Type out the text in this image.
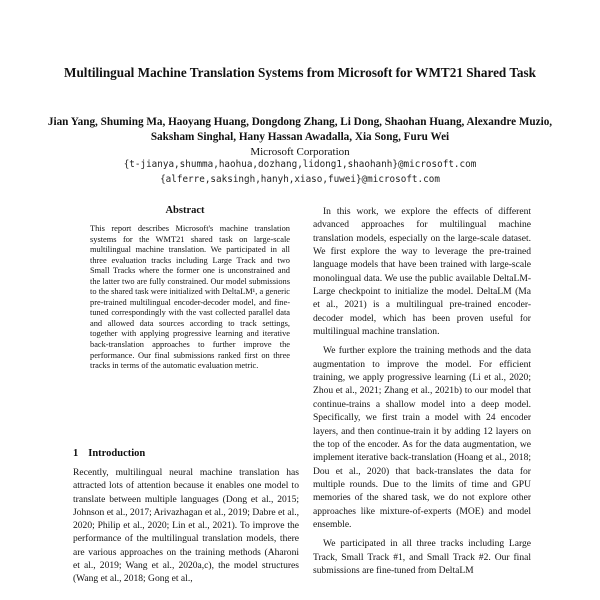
Multilingual Machine Translation Systems from Microsoft for WMT21 Shared Task
Jian Yang, Shuming Ma, Haoyang Huang, Dongdong Zhang, Li Dong, Shaohan Huang, Alexandre Muzio, Saksham Singhal, Hany Hassan Awadalla, Xia Song, Furu Wei
Microsoft Corporation
{t-jianya,shumma,haohua,dozhang,lidong1,shaohanh}@microsoft.com
{alferre,saksingh,hanyh,xiaso,fuwei}@microsoft.com
Abstract
This report describes Microsoft's machine translation systems for the WMT21 shared task on large-scale multilingual machine translation. We participated in all three evaluation tracks including Large Track and two Small Tracks where the former one is unconstrained and the latter two are fully constrained. Our model submissions to the shared task were initialized with DeltaLM¹, a generic pre-trained multilingual encoder-decoder model, and fine-tuned correspondingly with the vast collected parallel data and allowed data sources according to track settings, together with applying progressive learning and iterative back-translation approaches to further improve the performance. Our final submissions ranked first on three tracks in terms of the automatic evaluation metric.
1 Introduction
Recently, multilingual neural machine translation has attracted lots of attention because it enables one model to translate between multiple languages (Dong et al., 2015; Johnson et al., 2017; Arivazhagan et al., 2019; Dabre et al., 2020; Philip et al., 2020; Lin et al., 2021). To improve the performance of the multilingual translation models, there are various approaches on the training methods (Aharoni et al., 2019; Wang et al., 2020a,c), the model structures (Wang et al., 2018; Gong et al.,

In this work, we explore the effects of different advanced approaches for multilingual machine translation models, especially on the large-scale dataset. We first explore the way to leverage the pre-trained language models that have been trained with large-scale monolingual data. We use the public available DeltaLM-Large checkpoint to initialize the model. DeltaLM (Ma et al., 2021) is a multilingual pre-trained encoder-decoder model, which has been proven useful for multilingual machine translation.

We further explore the training methods and the data augmentation to improve the model. For efficient training, we apply progressive learning (Li et al., 2020; Zhou et al., 2021; Zhang et al., 2021b) to our model that continue-trains a shallow model into a deep model. Specifically, we first train a model with 24 encoder layers, and then continue-train it by adding 12 layers on the top of the encoder. As for the data augmentation, we implement iterative back-translation (Hoang et al., 2018; Dou et al., 2020) that back-translates the data for multiple rounds. Due to the limits of time and GPU memories of the shared task, we do not explore other approaches like mixture-of-experts (MOE) and model ensemble.

We participated in all three tracks including Large Track, Small Track #1, and Small Track #2. Our final submissions are fine-tuned from DeltaLM
